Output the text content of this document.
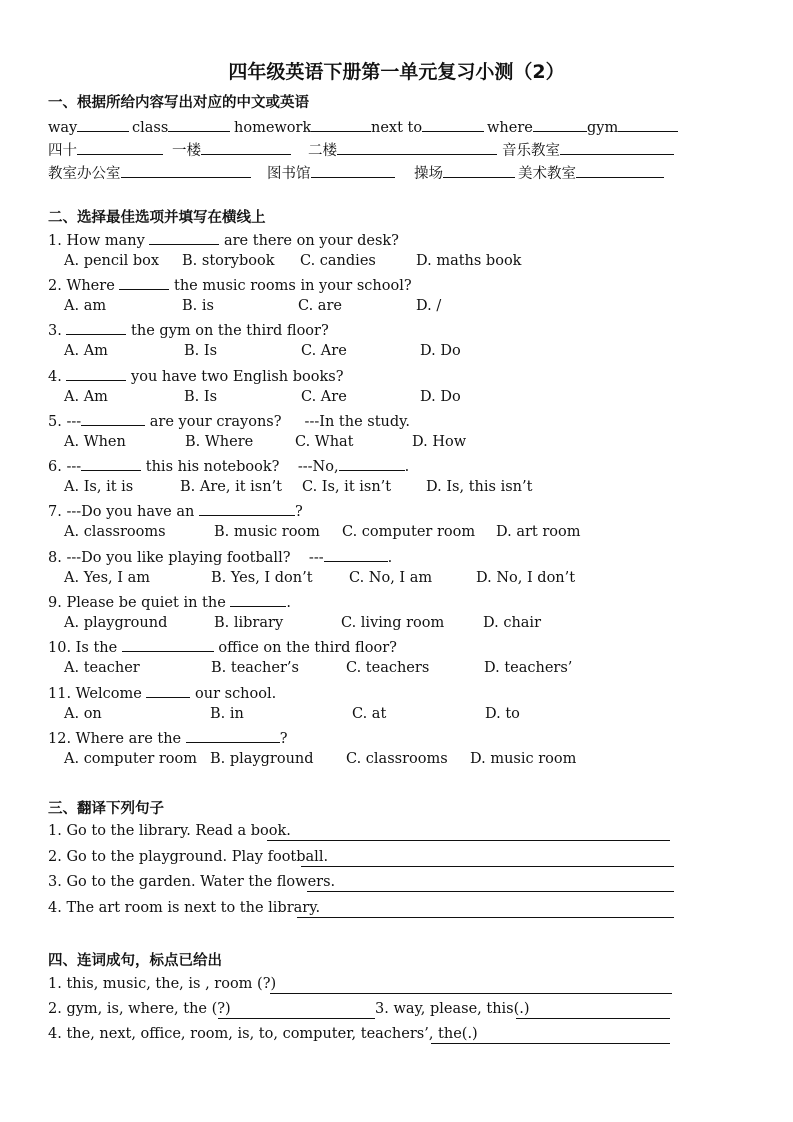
四年级英语下册第一单元复习小测（2）
一、根据所给内容写出对应的中文或英语
way	class	homework	next to	where	gym
四十	一楼	二楼	音乐教室
教室办公室	图书馆	操场	美术教室
二、选择最佳选项并填写在横线上
1. How many	are there on your desk?
A. pencil box B. storybook C. candies	D. maths book
2. Where	the music rooms in your school?
A. am	B. is	C. are	D. /
3.	the gym on the third floor?
A. Am	B. Is	C. Are	D. Do
4.	you have two English books?
A. Am	B. Is	C. Are	D. Do
5. ---	are your crayons?     ---In the study.
A. When	B. Where	C. What	D. How
6. ---	this his notebook?    ---No,	.
A. Is, it is	B. Are, it isn’t C. Is, it isn’t D. Is, this isn’t
7. ---Do you have an	?
A. classrooms	B. music room C. computer room D. art room
8. ---Do you like playing football?    ---	.
A. Yes, I am	B. Yes, I don’t	C. No, I am	D. No, I don’t
9. Please be quiet in the	.
A. playground	B. library	C. living room	D. chair
10. Is the	office on the third floor?
A. teacher	B. teacher’s	C. teachers	D. teachers’
11. Welcome	our school.
A. on	B. in	C. at	D. to
12. Where are the	?
A. computer room B. playground C. classrooms D. music room
三、翻译下列句子
1. Go to the library. Read a book.
2. Go to the playground. Play football.
3. Go to the garden. Water the flowers.
4. The art room is next to the library.
四、连词成句，标点已给出
1. this, music, the, is , room (?)
2. gym, is, where, the (?)	3. way, please, this(.)
4. the, next, office, room, is, to, computer, teachers’, the(.)
